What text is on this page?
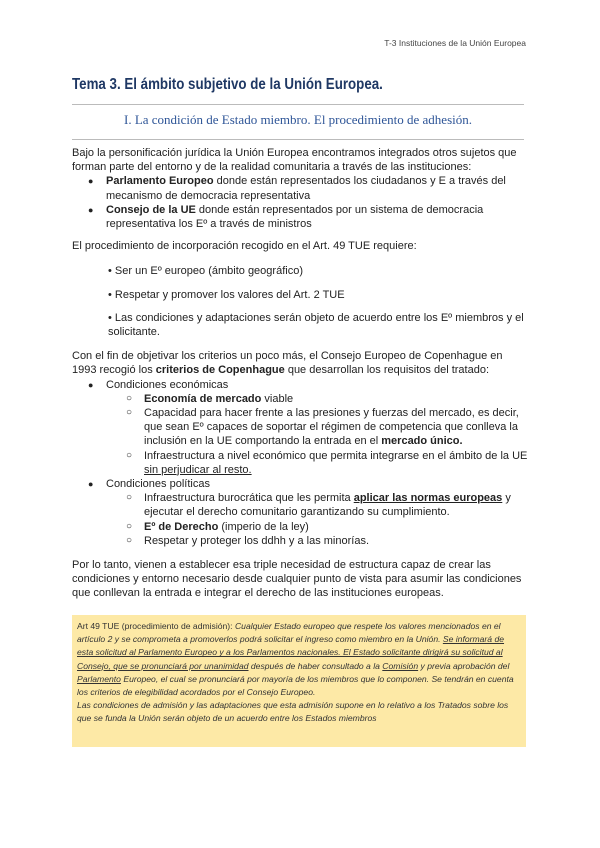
T-3 Instituciones de la Unión Europea
Tema 3. El ámbito subjetivo de la Unión Europea.
I. La condición de Estado miembro. El procedimiento de adhesión.

Bajo la personificación jurídica la Unión Europea encontramos integrados otros sujetos que forman parte del entorno y de la realidad comunitaria a través de las instituciones:

● Parlamento Europeo donde están representados los ciudadanos y E a través del mecanismo de democracia representativa
● Consejo de la UE donde están representados por un sistema de democracia representativa los Eº a través de ministros

El procedimiento de incorporación recogido en el Art. 49 TUE requiere:

• Ser un Eº europeo (ámbito geográfico)
• Respetar y promover los valores del Art. 2 TUE
• Las condiciones y adaptaciones serán objeto de acuerdo entre los Eº miembros y el solicitante.

Con el fin de objetivar los criterios un poco más, el Consejo Europeo de Copenhague en 1993 recogió los criterios de Copenhague que desarrollan los requisitos del tratado:

● Condiciones económicas
○ Economía de mercado viable
○ Capacidad para hacer frente a las presiones y fuerzas del mercado, es decir, que sean Eº capaces de soportar el régimen de competencia que conlleva la inclusión en la UE comportando la entrada en el mercado único.
○ Infraestructura a nivel económico que permita integrarse en el ámbito de la UE sin perjudicar al resto.
● Condiciones políticas
○ Infraestructura burocrática que les permita aplicar las normas europeas y ejecutar el derecho comunitario garantizando su cumplimiento.
○ Eº de Derecho (imperio de la ley)
○ Respetar y proteger los ddhh y a las minorías.

Por lo tanto, vienen a establecer esa triple necesidad de estructura capaz de crear las condiciones y entorno necesario desde cualquier punto de vista para asumir las condiciones que conllevan la entrada e integrar el derecho de las instituciones europeas.

Art 49 TUE (procedimiento de admisión): Cualquier Estado europeo que respete los valores mencionados en el artículo 2 y se comprometa a promoverlos podrá solicitar el ingreso como miembro en la Unión. Se informará de esta solicitud al Parlamento Europeo y a los Parlamentos nacionales. El Estado solicitante dirigirá su solicitud al Consejo, que se pronunciará por unanimidad después de haber consultado a la Comisión y previa aprobación del Parlamento Europeo, el cual se pronunciará por mayoría de los miembros que lo componen. Se tendrán en cuenta los criterios de elegibilidad acordados por el Consejo Europeo.
Las condiciones de admisión y las adaptaciones que esta admisión supone en lo relativo a los Tratados sobre los que se funda la Unión serán objeto de un acuerdo entre los Estados miembros
